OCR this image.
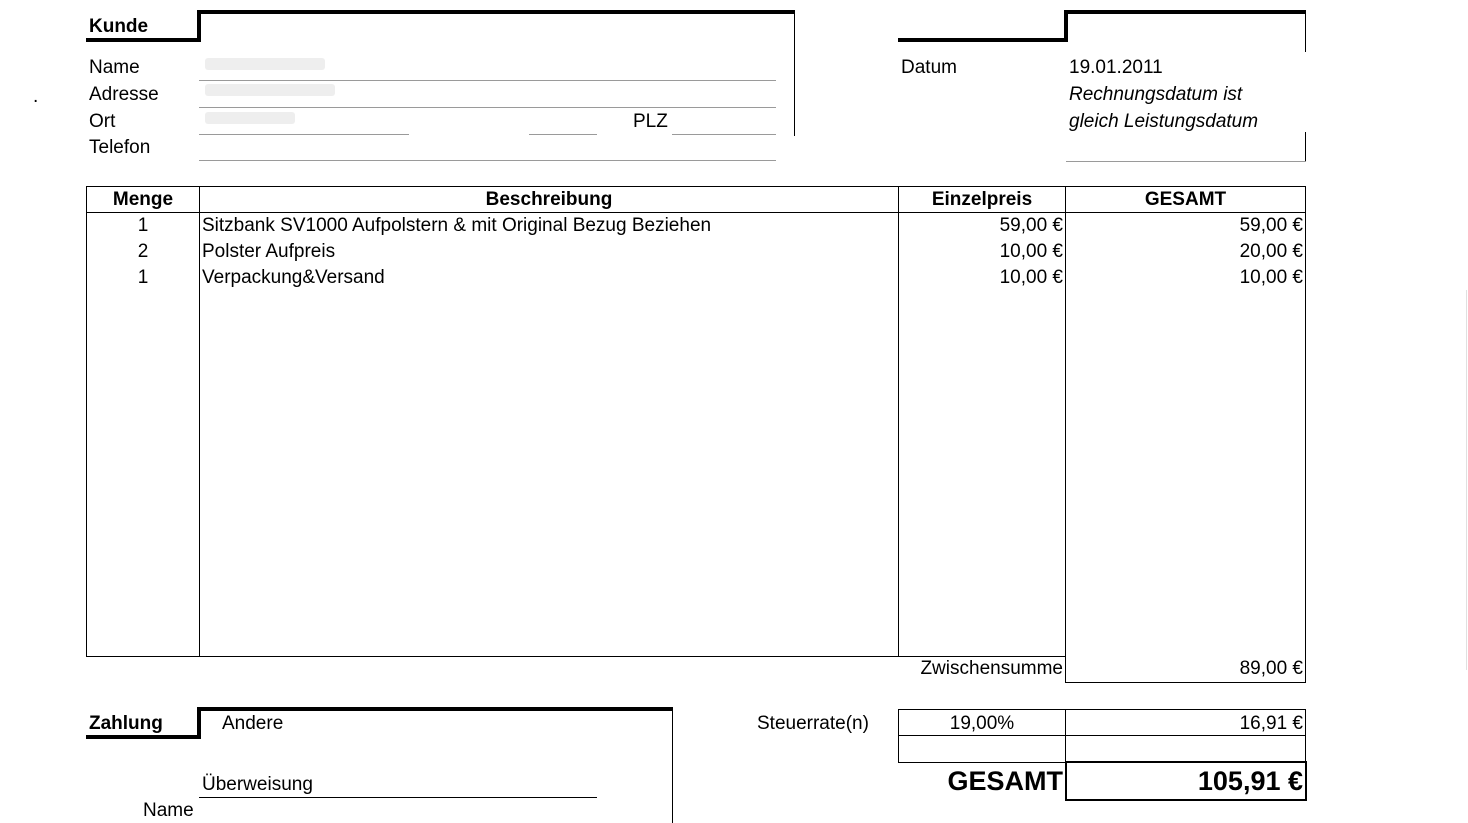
.
Kunde
Name
Adresse
Ort	PLZ
Telefon
Datum	19.01.2011
Rechnungsdatum ist
gleich Leistungsdatum
Menge	Beschreibung	Einzelpreis	GESAMT
1	Sitzbank SV1000 Aufpolstern & mit Original Bezug Beziehen	59,00 €	59,00 €
2	Polster Aufpreis	10,00 €	20,00 €
1	Verpackung&Versand	10,00 €	10,00 €
Zwischensumme	89,00 €
Steuerrate(n)	19,00%	16,91 €
GESAMT	105,91 €
Zahlung	Andere
Überweisung
Name
